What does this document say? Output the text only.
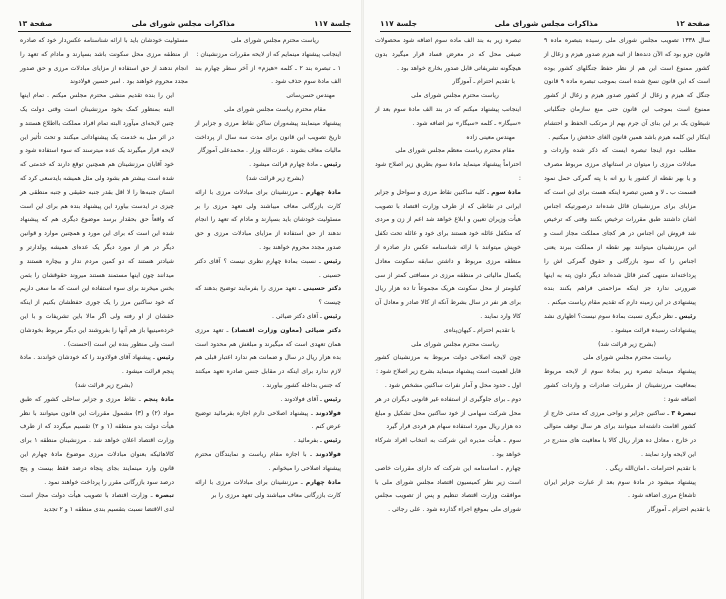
جلسة ۱۱۷
مذاکرات مجلس شورای ملی
صفحة ۱۳	صفحة ۱۲
مذاکرات مجلس شورای ملی
جلسة ۱۱۷

سال ۱۳۳۸ تصویب مجلس شورای ملی رسیده بتبصره ماده ۹ قانون جزو بود که الآن دنده‌ها از اثبه هیزم صدور هیزم و زغال از کشور ممنوع است این هم از نظر حفظ جنگلهای کشور بوده است که این قانون نسخ شده است بموجب تبصره ماده ۹ قانون جنگل که هیزم و زغال از کشور صدور هیزم و زغال از کشور ممنوع است بموجب این قانون حتی منع سازمان جنگلبانی شیطون یک بر این بنای آن جرم بهم از مرتکب الحفظ و احتشام اینکار این کلمه هیزم باشد همین قانون الغای حذفش را میکنیم .

مطلب دوم اینجا تبصره ایست که ذکر شده واردات و مبادلات مرزی را میتوان در استانهای مرزی مربوط مصرف و یا بهر نقطه از کشور یا رو انه با پته گمرکی حمل نمود قسمت ب ـ لا و همین تبصره اینکه هست برای این است که مزایای برای مرزنشینان قائل شده‌اند درصورتیکه اجناس اشان داشتند طبق مقررات ترخیص بکنند وقتی که ترخیص شد فروش این اجناس در هر کجای مملکت مجاز است و این مرزنشینان میتوانند بهر نقطه از مملکت ببرند یعنی اجناس را که سود بازرگانی و حقوق گمرکی اش را پرداخته‌اند متنهی کمتر قائل شده‌اند دیگر داون پته به اینها ضرورتی ندارد جز اینکه مزاحمتی فراهم بکنند بنده پیشنهادی در این زمینه دارم که تقدیم مقام ریاست میکنم .

رئیس ـ نظر دیگری نسبت بمادهٔ سوم نیست؟ اظهاری نشد پیشنهادات رسیده قرائت میشود .

(بشرح زیر قرائت شد)

ریاست محترم مجلس شورای ملی

پیشنهاد مینماید تبصره زیر بمادهٔ سوم از لایحه مربوط بمعافیت مرزنشینان از مقررات صادرات و واردات کشور اضافه شود :

تبصرهٔ ۳ ـ ساکنین جزایر و نواحی مرزی که مدتی خارج از کشور اقامت داشته‌اند میتوانند برای هر سال توقف متوالی در خارج ، معادل ده هزار ریال کالا با معافیت های مندرج در این لایحه وارد نمایند .

با تقدیم احترامات ـ امان‌الله ریگی .

پیشنهاد میشود در مادهٔ سوم بعد از عبارت جزایر ایران تاشعاع مرزی اضافه شود .

با تقدیم احترام ـ آموزگار

تبصره زیر به بند الف ماده سوم اضافه شود محصولات صیفی محل که در معرض فساد قرار میگیرد بدون هیچگونه تشریفاتی قابل صدور بخارج خواهد بود .

با تقدیم احترام ـ آموزگار

ریاست محترم مجلس شورای ملی

اینجانب پیشنهاد میکنم که در بند الف مادهٔ سوم بعد از «سیگار» ـ کلمه «سیگار» نیز اضافه شود .

مهندس معینی زاده

مقام محترم ریاست معظم مجلس شورای ملی

احتراماً پیشنهاد مینماید مادهٔ سوم بطریق زیر اصلاح شود :

مادهٔ سوم ـ کلیه ساکنین نقاط مرزی و سواحل و جزایر ایرانی در نقاطی که از طرف وزارت اقتصاد با تصویب هیأت وزیران تعیین و ابلاغ خواهد شد اعم از زن و مردی که متکفل عائله خود هستند برای خود و عائله تحت تکفل خویش میتوانند با ارائه شناسنامه عکس دار صادره از منطقه مرزی مربوط و داشتن سابقه سکونت معادل یکسال مالیاتی در منطقه مرزی در مسافتی کمتر از سی کیلومتر از محل سکونت هریک مجموعاً تا ده هزار ریال برای هر نفر در سال بشرط آنکه از کالا صادر و معادل آن کالا وارد نمایند .

با تقدیم احترام ـ کیهان‌پناه‌ی

ریاست محترم مجلس شورای ملی

چون لایحه اصلاحی دولت مربوط به مرزنشینان کشور قابل اهمیت است پیشنهاد مینماید بشرح زیر اصلاح شود :

اول ـ حدود محل و آمار نفرات ساکنین مشخص شود .

دوم ـ برای جلوگیری از استفاده غیر قانونی دیگران در هر محل شرکت سهامی از خود ساکنین محل تشکیل و مبلغ ده هزار ریال مورد استفاده سهام هر فردی قرار گیرد

سوم ـ هیأت مدیره این شرکت به انتخاب افراد شرکاء خواهد بود .

چهارم ـ اساسنامه این شرکت که دارای مقررات خاصی است زیر نظر کمیسیون اقتصاد مجلس شورای ملی با موافقت وزارت اقتصاد تنظیم و پس از تصویب مجلس شورای ملی بموقع اجراء گذارده شود . علی رجائی .

ریاست محترم مجلس شورای ملی

اینجانب پیشنهاد مینمایم که از لایحه مقررات مرزنشینان :

۱ ـ تبصره بند ۲ ـ کلمه «هیزم» از آخر سطر چهارم بند الف مادهٔ سوم حذف شود .

مهندس حسن‌ساتی

مقام محترم ریاست مجلس شورای ملی

پیشنهاد مینمایند پیشه‌وران ساکن نقاط مرزی و جزایر از تاریخ تصویب این قانون برای مدت سه سال از پرداخت مالیات معاف بشوند . عزت‌الله وزار . محمدعلی آموزگار

رئیس ـ مادهٔ چهارم قرائت میشود .

(بشرح زیر قرائت شد)

مادهٔ چهارم ـ مرزنشینان برای مبادلات مرزی با ارائه کارت بازرگانی معاف میباشند ولی تعهد مرزی را بر مسئولیت خودشان باید بسپارند و مادام که تعهد را انجام ندهند از حق استفاده از مزایای مبادلات مرزی و حق صدور مجدد محروم خواهند بود .

رئیس ـ نسبت بمادهٔ چهارم نظری نیست ؟ آقای دکتر حسینی .

دکتر حسینی ـ تعهد مرزی را بفرمایند توضیح بدهند که چیست ؟

رئیس ـ آقای دکتر ضیائی .

دکتر ضیائی (معاون وزارت اقتصاد) ـ تعهد مرزی همان تعهدی است که میگیرند و مبلغش هم محدود است بده هزار ریال در سال و ضمانت هم ندارد اعتبار قبلی هم لازم ندارد برای اینکه در مقابل جنس صادره تعهد میکنند که جنس بداخله کشور بیاورند .

رئیس ـ آقای فولادوند .

فولادوند ـ پیشنهاد اصلاحی دارم اجازه بفرمائید توضیح عرض کنم .

رئیس ـ بفرمائید .

فولادوند ـ با اجازه مقام ریاست و نمایندگان محترم پیشنهاد اصلاحی را میخوانم .

مادهٔ چهارم ـ مرزنشینان برای مبادلات مرزی با ارائه کارت بازرگانی معاف میباشند ولی تعهد مرزی را بر

مسئولیت خودشان باید با ارائه شناسنامه عکس‌دار خود که صادره از منطقه مرزی محل سکونت باشد بسپارند و مادام که تعهد را انجام ندهند از حق استفاده از مزایای مبادلات مرزی و حق صدور مجدد محروم خواهند بود . امیر حسین فولادوند

این را بنده تقدیم منشی محترم مجلس میکنم . تمام اینها البته بمنظور کمک بخود مرزنشینان است وقتی دولت یک چنین لایحه‌ای میآورد البته تمام افراد مملکت بااطلاع هستند و در اثر میل به خدمت یک پیشنهاداتی میکنند و تحت تأثیر این لایحه قرار میگیرند یک عده میترسند که سوء استفاده شود و خود آقایان مرزنشینان هم همچنین توقع دارند که خدمتی که شده است بیشتر هم بشود ولی مثل همیشه بایدسعی کرد که انسان جنبه‌ها را لا اقل بقدر جنبه حقیقی و جنبه منطقی هر چیزی در ایدست بیاورد این پیشنهاد بنده هم برای این است که واقعاً حق بحقدار برسد موضوع دیگری هم که پیشنهاد شده این است که برای این مورد و همچنین موارد و قوانین دیگر در هر از مورد دیگر یک عده‌ای همیشه پولدارتر و شیادتر هستند که دو کمین مردم ندار و بیچاره هستند و میدانند چون اینها مستمند هستند میروند حقوقشان را بثمن بخس میخرند برای سوء استفاده این است که ما سعی داریم که خود ساکنین مرز را یک جوری حفظشان بکنیم از اینکه حقشان از او رفته ولی اگر مالا باین تشریفات و با این خرده‌مینیها باز هم آنها را بفروشند این دیگر مربوط بخودشان است ولی منظور بنده این است (احسنت) .

رئیس ـ پیشنهاد آقای فولادوند را که خودشان خواندند . مادهٔ پنجم قرائت میشود .

(بشرح زیر قرائت شد)

مادهٔ پنجم ـ نقاط مرزی و جزایر ساحلی کشور که طبق مواد (۲) و (۳) مشمول مقررات این قانون میتوانند با نظر هیأت دولت بدو منطقه (۱ و ۲) تقسیم میگردد که از طرف وزارت اقتصاد اعلان خواهد شد . مرزنشینان منطقه ۱ برای کالاهائیکه بعنوان مبادلات مرزی موضوع مادهٔ چهارم این قانون وارد مینمایند بجای پنجاه درصد فقط بیست و پنج درصد سود بازرگانی مقرر را پرداخت خواهند نمود .

تبصره ـ وزارت اقتصاد با تصویب هیأت دولت مجاز است لدی الاقتضا نسبت بتقسیم بندی منطقه ۱ و ۲ تجدید
